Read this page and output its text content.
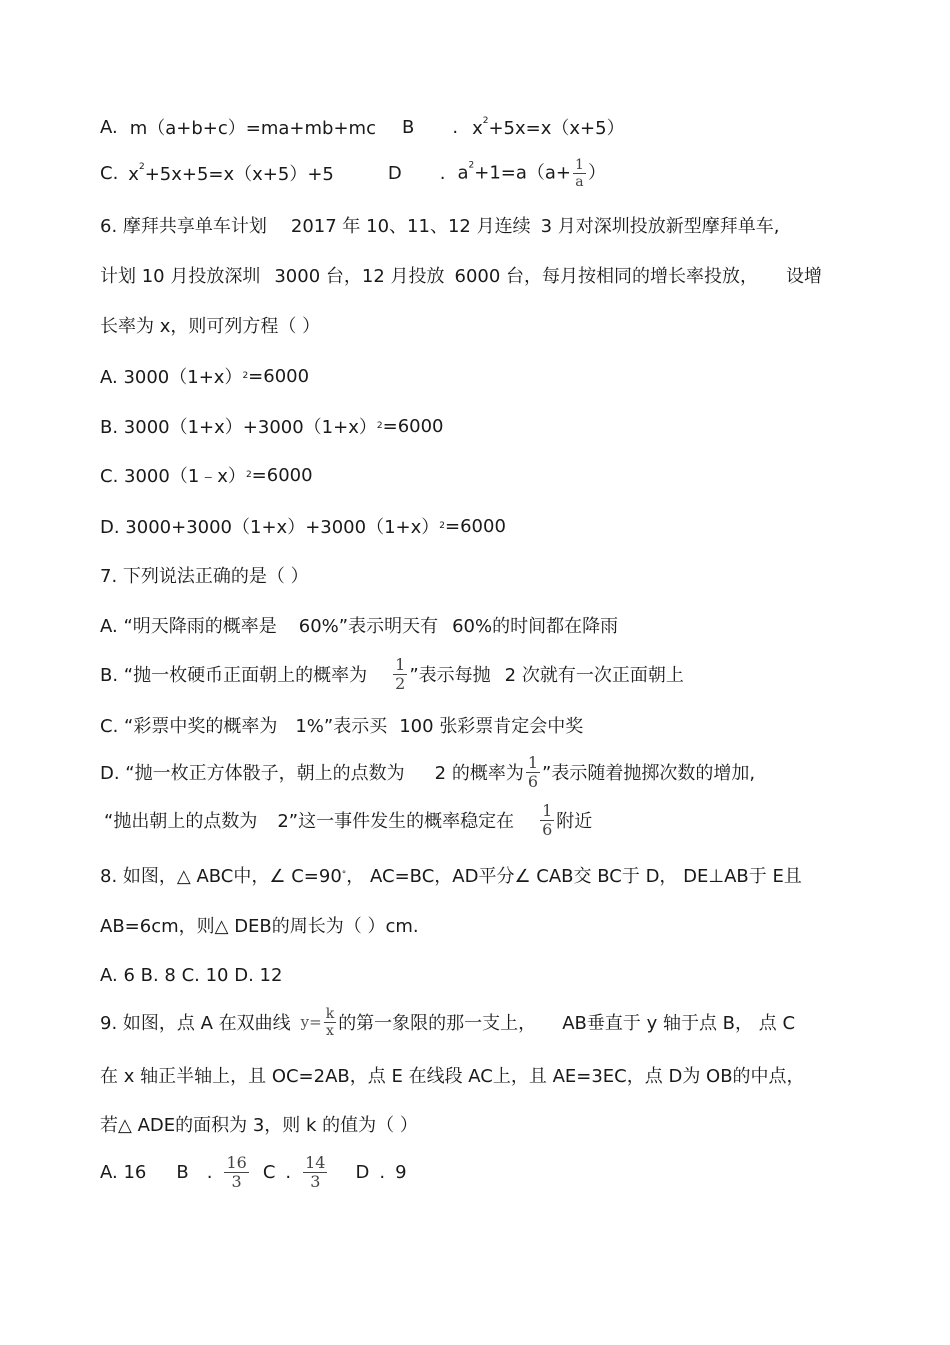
A. m（a+b+c）=ma+mb+mc B . $x^2+5x=x(x+5)$
C. $x^2+5x+5=x(x+5)+5$	D . $a^2+1=a(a+ \frac{1}{a}$ ）
6. 摩拜共享单车计划 2017 年 10、11、12 月连续 3 月对深圳投放新型摩拜单车,
计划 10 月投放深圳 3000 台，12 月投放 6000 台，每月按相同的增长率投放， 设增
长率为 x，则可列方程（ ）
A. 3000（1+x） 2 =6000
B. 3000（1+x）+3000（1+x） 2 =6000
C. 3000（1﹣x） 2 =6000
D. 3000+3000（1+x）+3000（1+x） 2 =6000
7. 下列说法正确的是（ ）
A. “明天降雨的概率是 60%”表示明天有 60%的时间都在降雨
B. “抛一枚硬币正面朝上的概率为 $\frac{1}{2}$ ”表示每抛 2 次就有一次正面朝上
C. “彩票中奖的概率为 1%”表示买 100 张彩票肯定会中奖
D. “抛一枚正方体骰子，朝上的点数为 2 的概率为 $\frac{1}{6}$ ”表示随着抛掷次数的增加,
“抛出朝上的点数为 2”这一事件发生的概率稳定在 $\frac{1}{6}$ 附近
8. 如图，△ ABC中，∠ C=90 ° ， AC=BC，AD平分∠ CAB交 BC于 D， DE⊥AB于 E且
AB=6cm，则△ DEB的周长为（ ）cm.
A. 6 B. 8 C. 10 D. 12
9. 如图，点 A 在双曲线 $y= \frac{k}{x}$ 的第一象限的那一支上， AB垂直于 y 轴于点 B， 点 C
在 x 轴正半轴上，且 OC=2AB，点 E 在线段 AC上，且 AE=3EC，点 D为 OB的中点，
若△ ADE的面积为 3，则 k 的值为（ ）
A. 16 B . $\frac{16}{3}$ C . $\frac{14}{3}$ D . 9
